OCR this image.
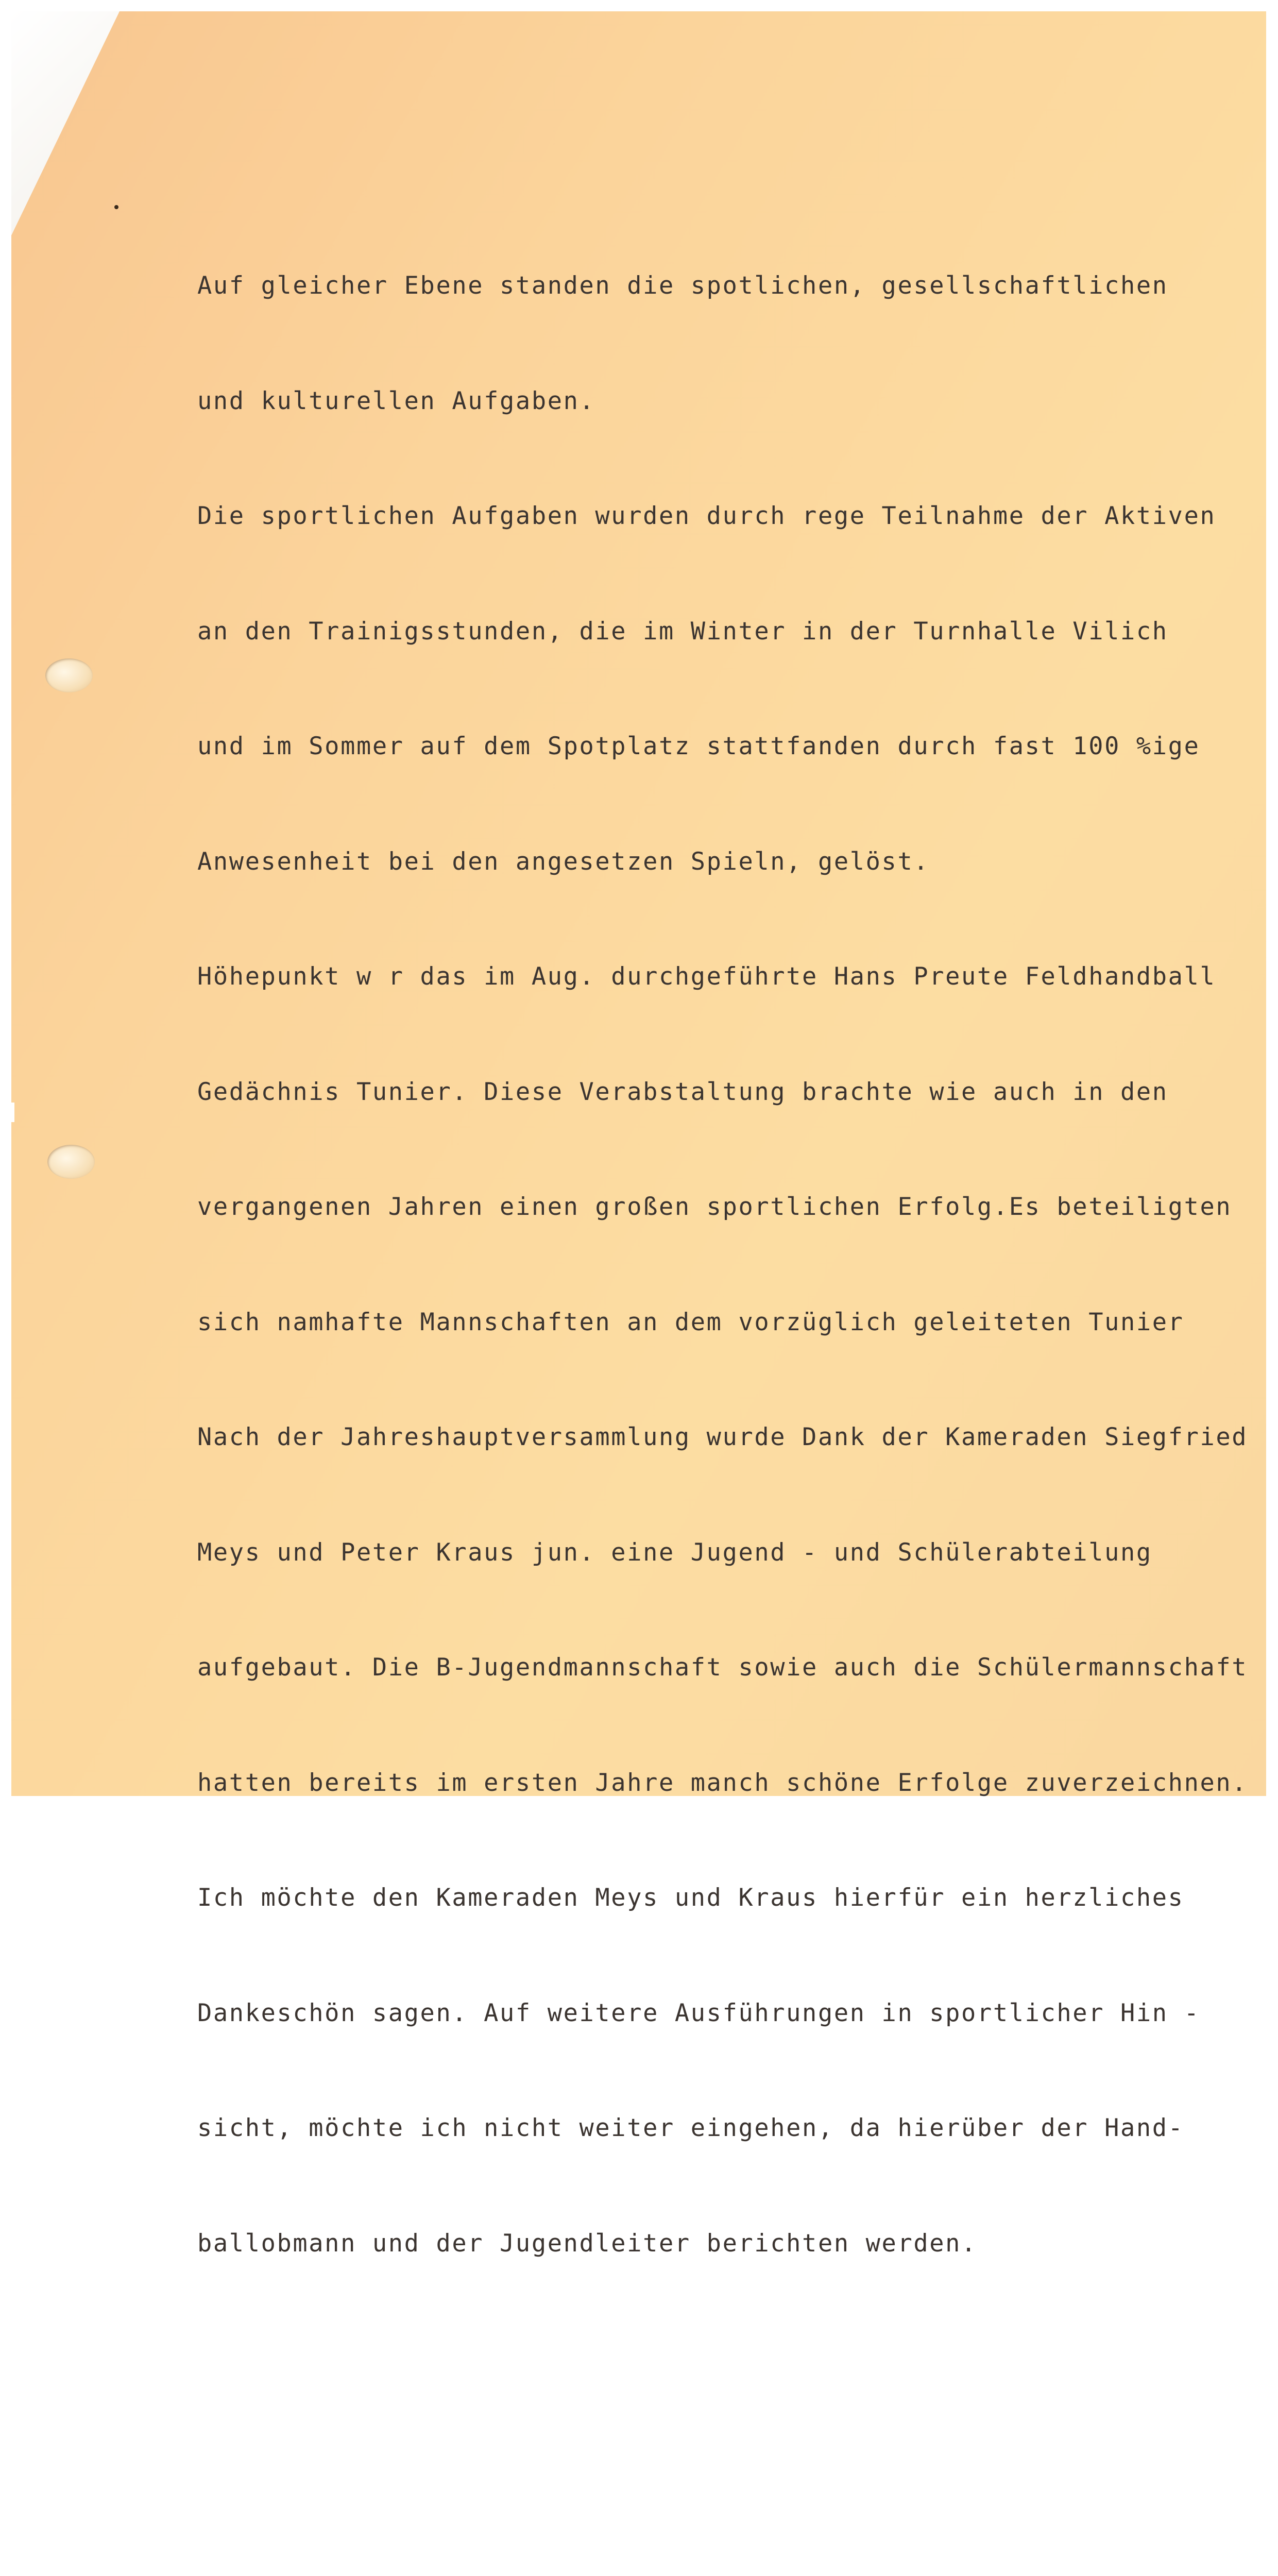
Auf gleicher Ebene standen die spotlichen, gesellschaftlichen

und kulturellen Aufgaben.

Die sportlichen Aufgaben wurden durch rege Teilnahme der Aktiven

an den Trainigsstunden, die im Winter in der Turnhalle Vilich

und im Sommer auf dem Spotplatz stattfanden durch fast 100 %ige

Anwesenheit bei den angesetzen Spieln, gelöst.

Höhepunkt w r das im Aug. durchgeführte Hans Preute Feldhandball

Gedächnis Tunier. Diese Verabstaltung brachte wie auch in den

vergangenen Jahren einen großen sportlichen Erfolg.Es beteiligten

sich namhafte Mannschaften an dem vorzüglich geleiteten Tunier

Nach der Jahreshauptversammlung wurde Dank der Kameraden Siegfried

Meys und Peter Kraus jun. eine Jugend - und Schülerabteilung

aufgebaut. Die B-Jugendmannschaft sowie auch die Schülermannschaft

hatten bereits im ersten Jahre manch schöne Erfolge zuverzeichnen.

Ich möchte den Kameraden Meys und Kraus hierfür ein herzliches

Dankeschön sagen. Auf weitere Ausführungen in sportlicher Hin -

sicht, möchte ich nicht weiter eingehen, da hierüber der Hand-

ballobmann und der Jugendleiter berichten werden.
